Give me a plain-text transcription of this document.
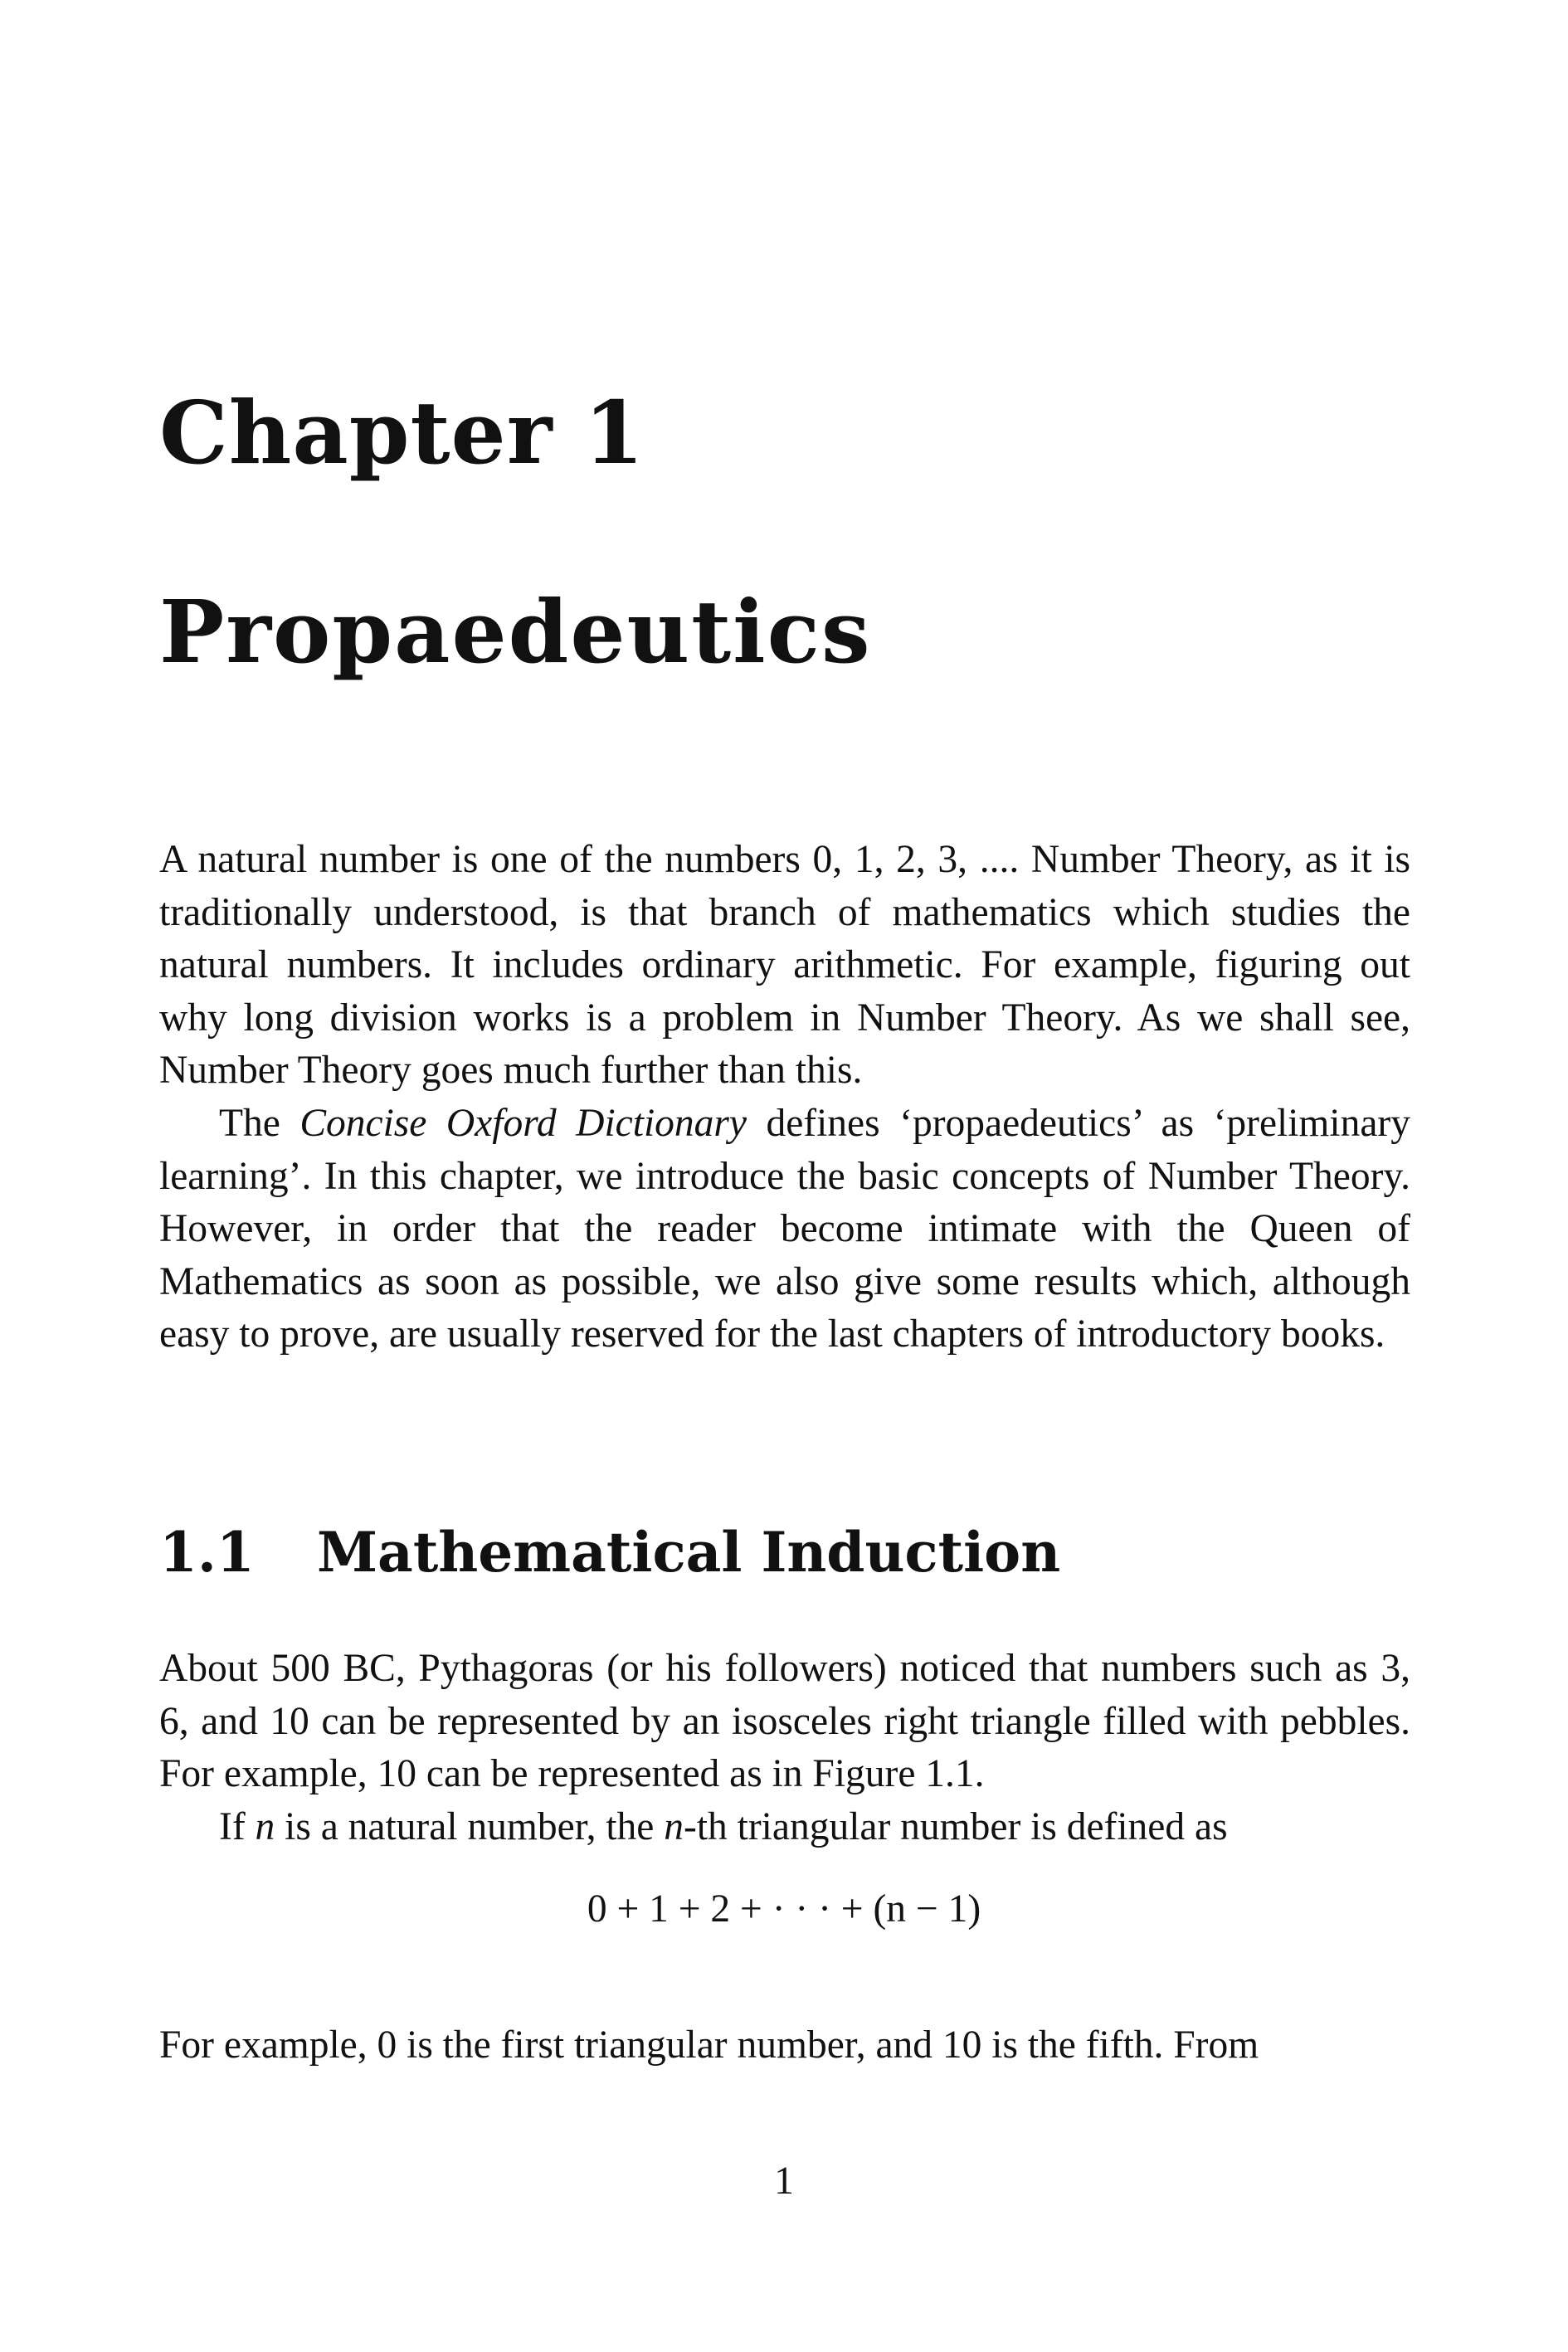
Chapter 1
Propaedeutics

A natural number is one of the numbers 0, 1, 2, 3, .... Number Theory, as it is traditionally understood, is that branch of mathematics which studies the natural numbers. It includes ordinary arithmetic. For example, figuring out why long division works is a problem in Number Theory. As we shall see, Number Theory goes much further than this.

The Concise Oxford Dictionary defines ‘propaedeutics’ as ‘preliminary learning’. In this chapter, we introduce the basic concepts of Number Theory. However, in order that the reader become intimate with the Queen of Mathematics as soon as possible, we also give some results which, although easy to prove, are usually reserved for the last chapters of introductory books.

1.1 Mathematical Induction

About 500 BC, Pythagoras (or his followers) noticed that numbers such as 3, 6, and 10 can be represented by an isosceles right triangle filled with pebbles. For example, 10 can be represented as in Figure 1.1.

If n is a natural number, the n-th triangular number is defined as

0 + 1 + 2 + · · · + (n − 1)

For example, 0 is the first triangular number, and 10 is the fifth. From

1
